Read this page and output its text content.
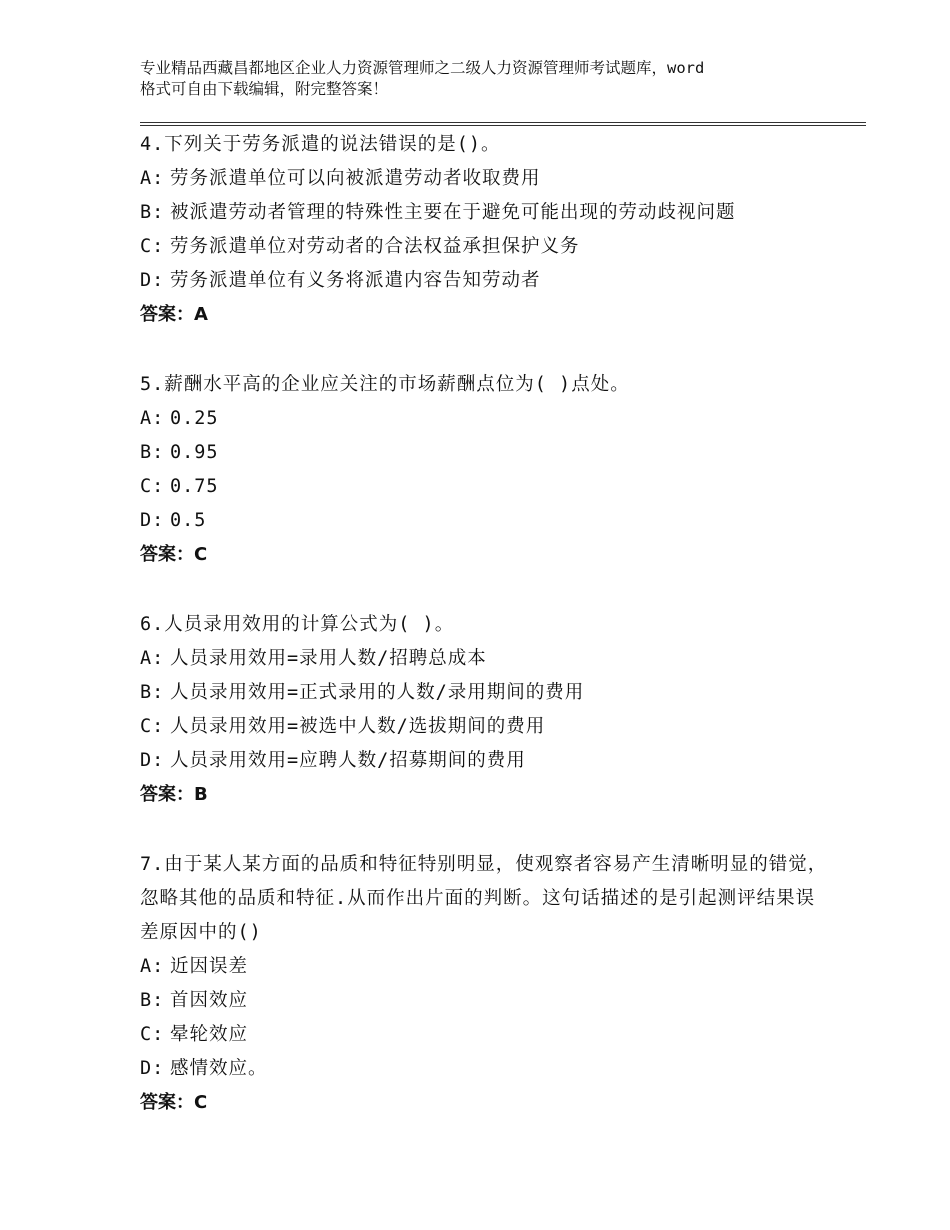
专业精品西藏昌都地区企业人力资源管理师之二级人力资源管理师考试题库，word
格式可自由下载编辑，附完整答案！
4.下列关于劳务派遣的说法错误的是()。
A: 劳务派遣单位可以向被派遣劳动者收取费用
B: 被派遣劳动者管理的特殊性主要在于避免可能出现的劳动歧视问题
C: 劳务派遣单位对劳动者的合法权益承担保护义务
D: 劳务派遣单位有义务将派遣内容告知劳动者
答案：A
5.薪酬水平高的企业应关注的市场薪酬点位为( )点处。
A: 0.25
B: 0.95
C: 0.75
D: 0.5
答案：C
6.人员录用效用的计算公式为( )。
A: 人员录用效用=录用人数/招聘总成本
B: 人员录用效用=正式录用的人数/录用期间的费用
C: 人员录用效用=被选中人数/选拔期间的费用
D: 人员录用效用=应聘人数/招募期间的费用
答案：B
7.由于某人某方面的品质和特征特别明显，使观察者容易产生清晰明显的错觉，忽略其他的品质和特征.从而作出片面的判断。这句话描述的是引起测评结果误差原因中的()
A: 近因误差
B: 首因效应
C: 晕轮效应
D: 感情效应。
答案：C
